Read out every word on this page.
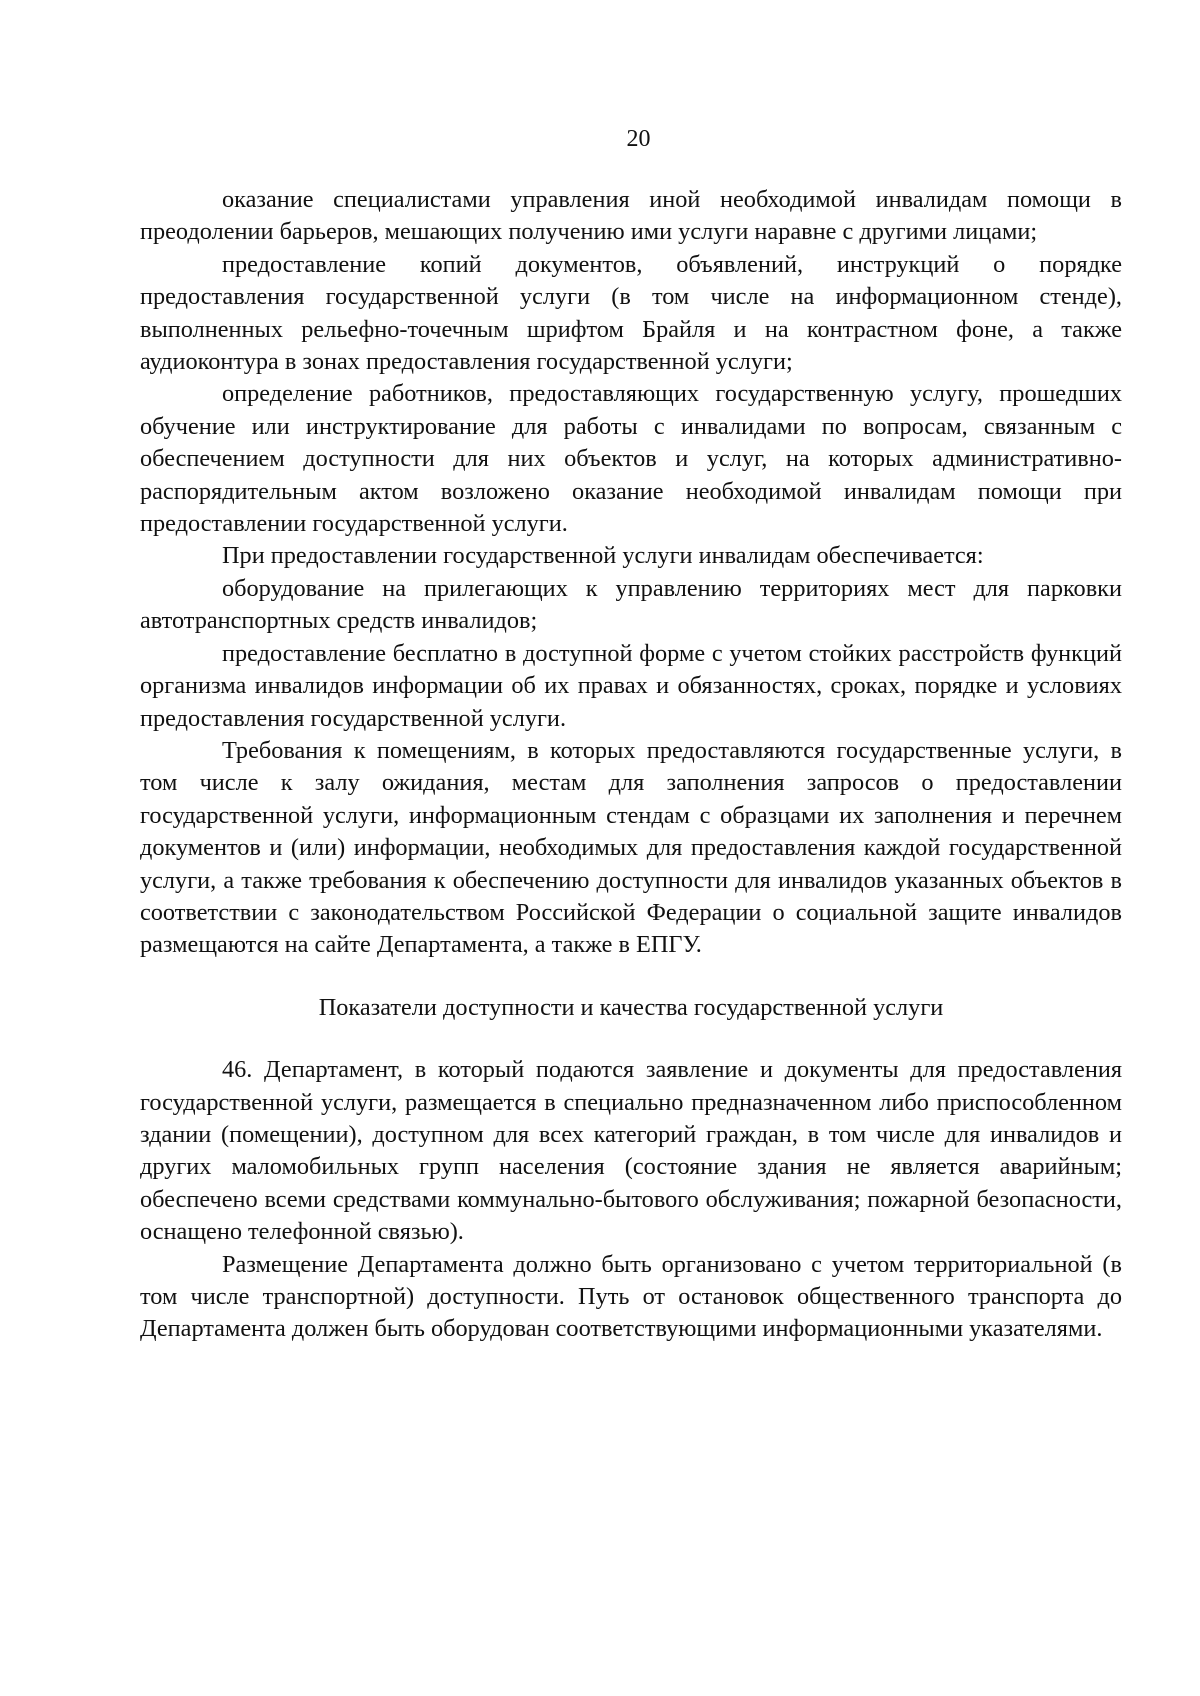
20

оказание специалистами управления иной необходимой инвалидам помощи в преодолении барьеров, мешающих получению ими услуги наравне с другими лицами;

предоставление копий документов, объявлений, инструкций о порядке предоставления государственной услуги (в том числе на информационном стенде), выполненных рельефно-точечным шрифтом Брайля и на контрастном фоне, а также аудиоконтура в зонах предоставления государственной услуги;

определение работников, предоставляющих государственную услугу, прошедших обучение или инструктирование для работы с инвалидами по вопросам, связанным с обеспечением доступности для них объектов и услуг, на которых административно-распорядительным актом возложено оказание необходимой инвалидам помощи при предоставлении государственной услуги.

При предоставлении государственной услуги инвалидам обеспечивается:

оборудование на прилегающих к управлению территориях мест для парковки автотранспортных средств инвалидов;

предоставление бесплатно в доступной форме с учетом стойких расстройств функций организма инвалидов информации об их правах и обязанностях, сроках, порядке и условиях предоставления государственной услуги.

Требования к помещениям, в которых предоставляются государственные услуги, в том числе к залу ожидания, местам для заполнения запросов о предоставлении государственной услуги, информационным стендам с образцами их заполнения и перечнем документов и (или) информации, необходимых для предоставления каждой государственной услуги, а также требования к обеспечению доступности для инвалидов указанных объектов в соответствии с законодательством Российской Федерации о социальной защите инвалидов размещаются на сайте Департамента, а также в ЕПГУ.

Показатели доступности и качества государственной услуги

46. Департамент, в который подаются заявление и документы для предоставления государственной услуги, размещается в специально предназначенном либо приспособленном здании (помещении), доступном для всех категорий граждан, в том числе для инвалидов и других маломобильных групп населения (состояние здания не является аварийным; обеспечено всеми средствами коммунально-бытового обслуживания; пожарной безопасности, оснащено телефонной связью).

Размещение Департамента должно быть организовано с учетом территориальной (в том числе транспортной) доступности. Путь от остановок общественного транспорта до Департамента должен быть оборудован соответствующими информационными указателями.
